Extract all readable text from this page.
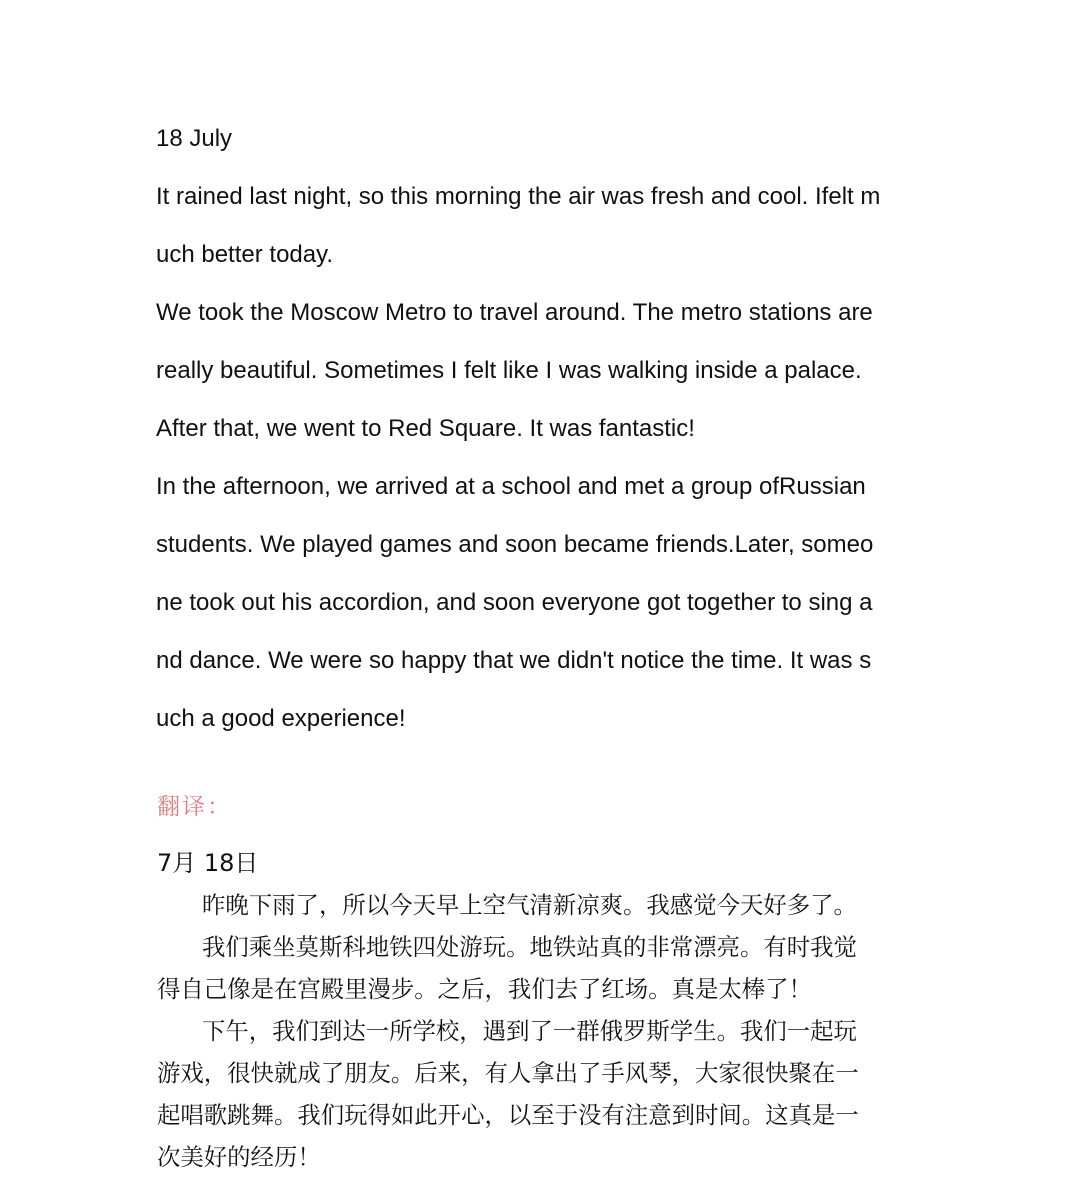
18 July
It rained last night, so this morning the air was fresh and cool. Ifelt m
uch better today.
We took the Moscow Metro to travel around. The metro stations are
really beautiful. Sometimes I felt like I was walking inside a palace.
After that, we went to Red Square. It was fantastic!
In the afternoon, we arrived at a school and met a group ofRussian
students. We played games and soon became friends.Later, someo
ne took out his accordion, and soon everyone got together to sing a
nd dance. We were so happy that we didn't notice the time. It was s
uch a good experience!
翻译：
7月 18日
昨晚下雨了，所以今天早上空气清新凉爽。我感觉今天好多了。
我们乘坐莫斯科地铁四处游玩。地铁站真的非常漂亮。有时我觉
得自己像是在宫殿里漫步。之后，我们去了红场。真是太棒了！
下午，我们到达一所学校，遇到了一群俄罗斯学生。我们一起玩
游戏，很快就成了朋友。后来，有人拿出了手风琴，大家很快聚在一
起唱歌跳舞。我们玩得如此开心，以至于没有注意到时间。这真是一
次美好的经历！
